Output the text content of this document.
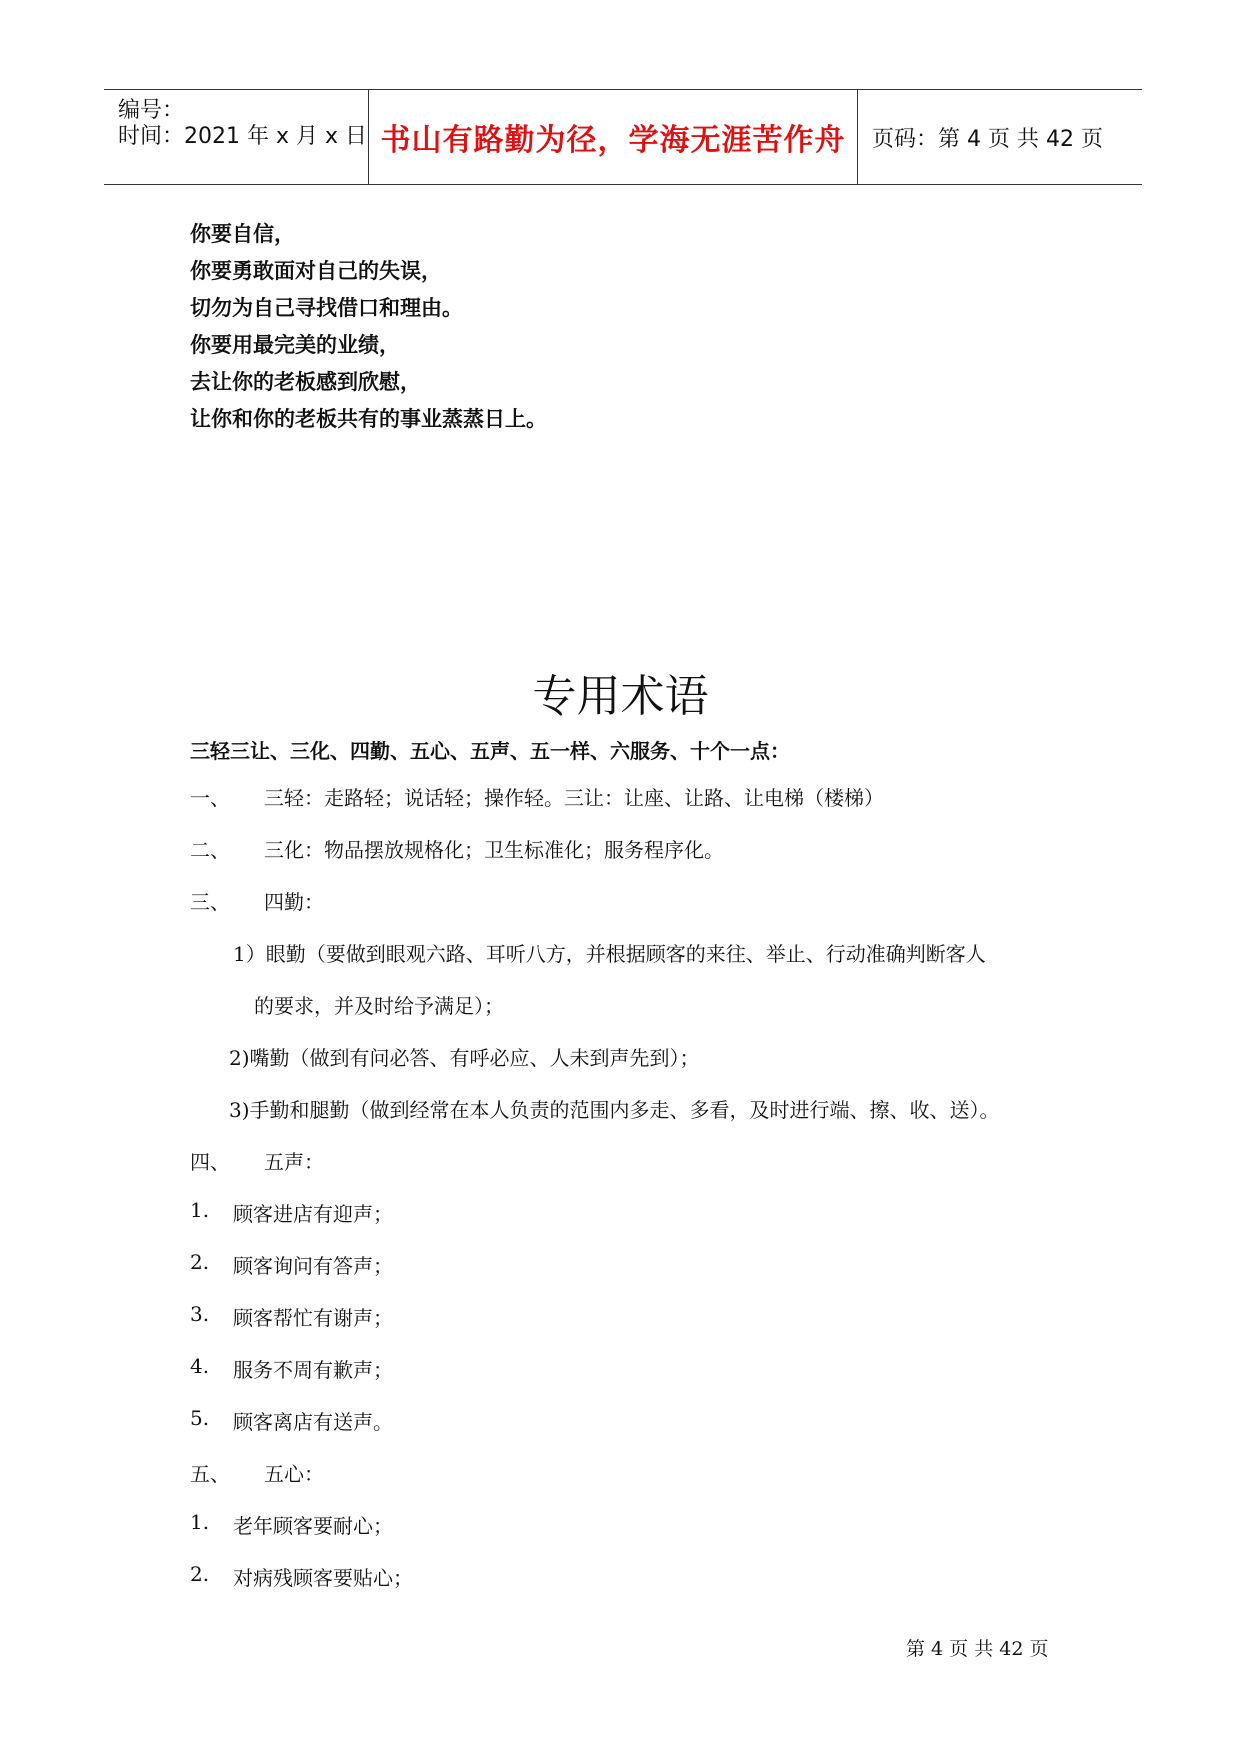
编号：
时间：2021 年 x 月 x 日 书山有路勤为径，学海无涯苦作舟 页码：第 4 页 共 42 页
你要自信，
你要勇敢面对自己的失误，
切勿为自己寻找借口和理由。
你要用最完美的业绩，
去让你的老板感到欣慰，
让你和你的老板共有的事业蒸蒸日上。
专用术语
三轻三让、三化、四勤、五心、五声、五一样、六服务、十个一点：
一、 三轻：走路轻；说话轻；操作轻。三让：让座、让路、让电梯（楼梯）
二、 三化：物品摆放规格化；卫生标准化；服务程序化。
三、 四勤：
1）眼勤（要做到眼观六路、耳听八方，并根据顾客的来往、举止、行动准确判断客人
的要求，并及时给予满足）；
2)嘴勤（做到有问必答、有呼必应、人未到声先到）；
3)手勤和腿勤（做到经常在本人负责的范围内多走、多看，及时进行端、擦、收、送）。
四、 五声：
1. 顾客进店有迎声；
2. 顾客询问有答声；
3. 顾客帮忙有谢声；
4. 服务不周有歉声；
5. 顾客离店有送声。
五、 五心：
1. 老年顾客要耐心；
2. 对病残顾客要贴心；
第 4 页 共 42 页
